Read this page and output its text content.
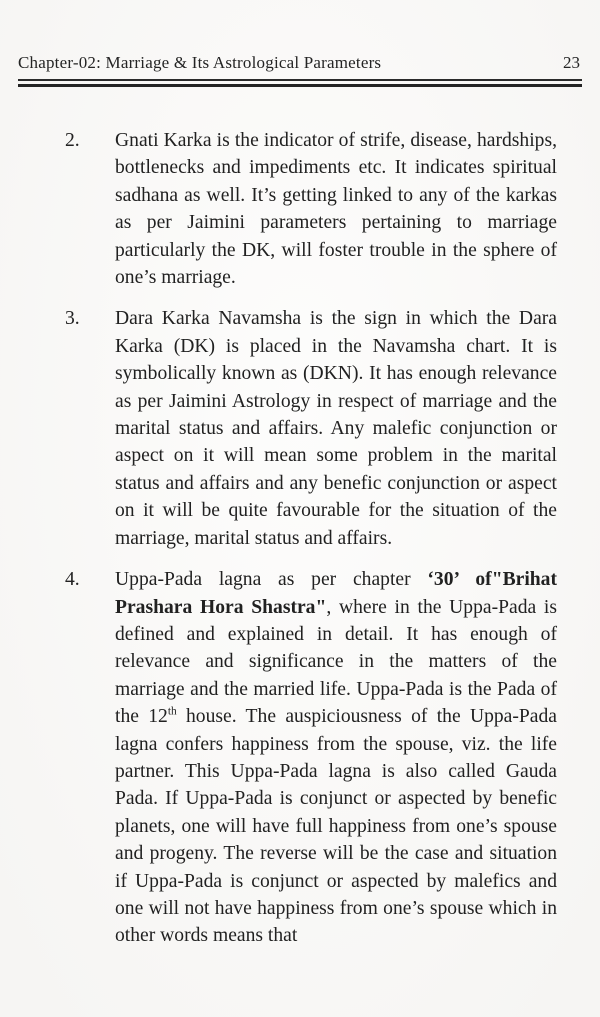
Chapter-02: Marriage & Its Astrological Parameters	23
2.	Gnati Karka is the indicator of strife, disease, hardships, bottlenecks and impediments etc. It indicates spiritual sadhana as well. It’s getting linked to any of the karkas as per Jaimini parameters pertaining to marriage particularly the DK, will foster trouble in the sphere of one’s marriage.
3.	Dara Karka Navamsha is the sign in which the Dara Karka (DK) is placed in the Navamsha chart. It is symbolically known as (DKN). It has enough relevance as per Jaimini Astrology in respect of marriage and the marital status and affairs. Any malefic conjunction or aspect on it will mean some problem in the marital status and affairs and any benefic conjunction or aspect on it will be quite favourable for the situation of the marriage, marital status and affairs.
4.	Uppa-Pada lagna as per chapter ‘30’ of"Brihat Prashara Hora Shastra", where in the Uppa-Pada is defined and explained in detail. It has enough of relevance and significance in the matters of the marriage and the married life. Uppa-Pada is the Pada of the 12th house. The auspiciousness of the Uppa-Pada lagna confers happiness from the spouse, viz. the life partner. This Uppa-Pada lagna is also called Gauda Pada. If Uppa-Pada is conjunct or aspected by benefic planets, one will have full happiness from one’s spouse and progeny. The reverse will be the case and situation if Uppa-Pada is conjunct or aspected by malefics and one will not have happiness from one’s spouse which in other words means that
